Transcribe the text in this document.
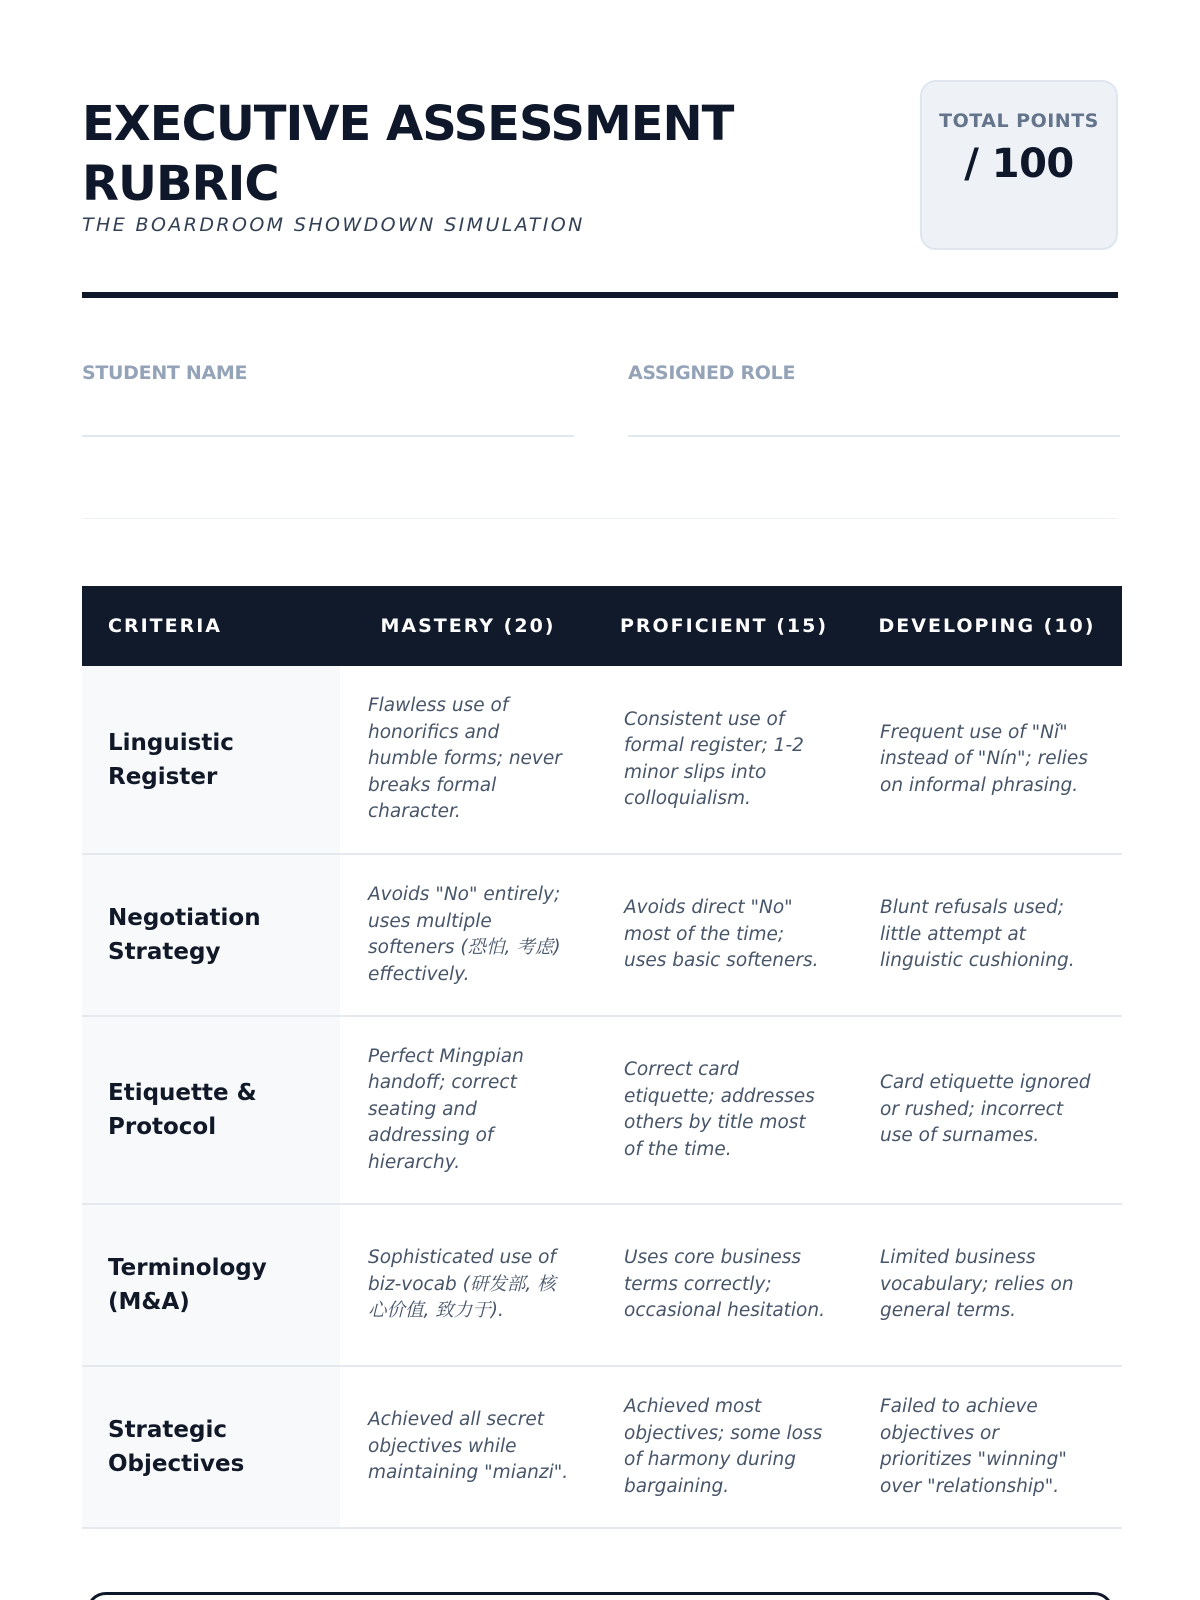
EXECUTIVE ASSESSMENT RUBRIC
THE BOARDROOM SHOWDOWN SIMULATION
TOTAL POINTS
/ 100
STUDENT NAME	ASSIGNED ROLE
CRITERIA	MASTERY (20)	PROFICIENT (15)	DEVELOPING (10)
Linguistic Register	Flawless use of honorifics and humble forms; never breaks formal character.	Consistent use of formal register; 1-2 minor slips into colloquialism.	Frequent use of "Nǐ" instead of "Nín"; relies on informal phrasing.
Negotiation Strategy	Avoids "No" entirely; uses multiple softeners (恐怕, 考虑) effectively.	Avoids direct "No" most of the time; uses basic softeners.	Blunt refusals used; little attempt at linguistic cushioning.
Etiquette & Protocol	Perfect Mingpian handoff; correct seating and addressing of hierarchy.	Correct card etiquette; addresses others by title most of the time.	Card etiquette ignored or rushed; incorrect use of surnames.
Terminology (M&A)	Sophisticated use of biz-vocab (研发部, 核心价值, 致力于).	Uses core business terms correctly; occasional hesitation.	Limited business vocabulary; relies on general terms.
Strategic Objectives	Achieved all secret objectives while maintaining "mianzi".	Achieved most objectives; some loss of harmony during bargaining.	Failed to achieve objectives or prioritizes "winning" over "relationship".
